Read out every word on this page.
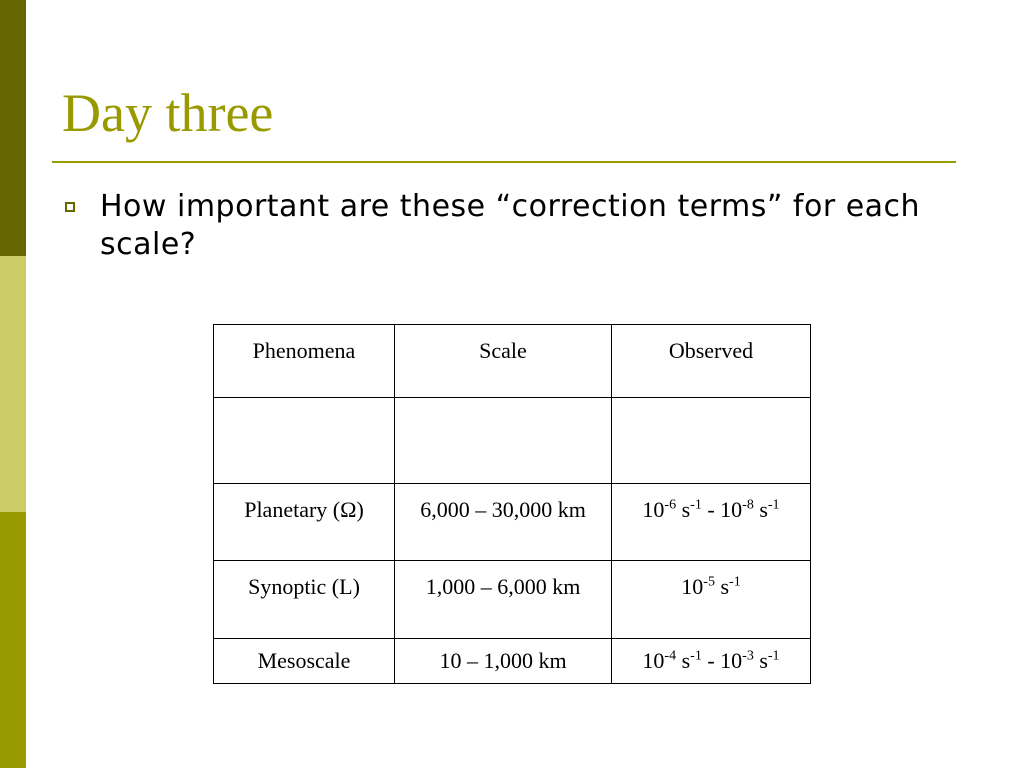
Day three
How important are these “correction terms” for each scale?
Phenomena	Scale	Observed

Planetary (Ω)	6,000 – 30,000 km	$10^{-6}$ $s^{-1} - 10^{-8}$ $s^{-1}$
Synoptic (L)	1,000 – 6,000 km	$10^{-5}$ $s^{-1}$
Mesoscale	10 – 1,000 km	$10^{-4}$ $s^{-1} - 10^{-3}$ $s^{-1}$
